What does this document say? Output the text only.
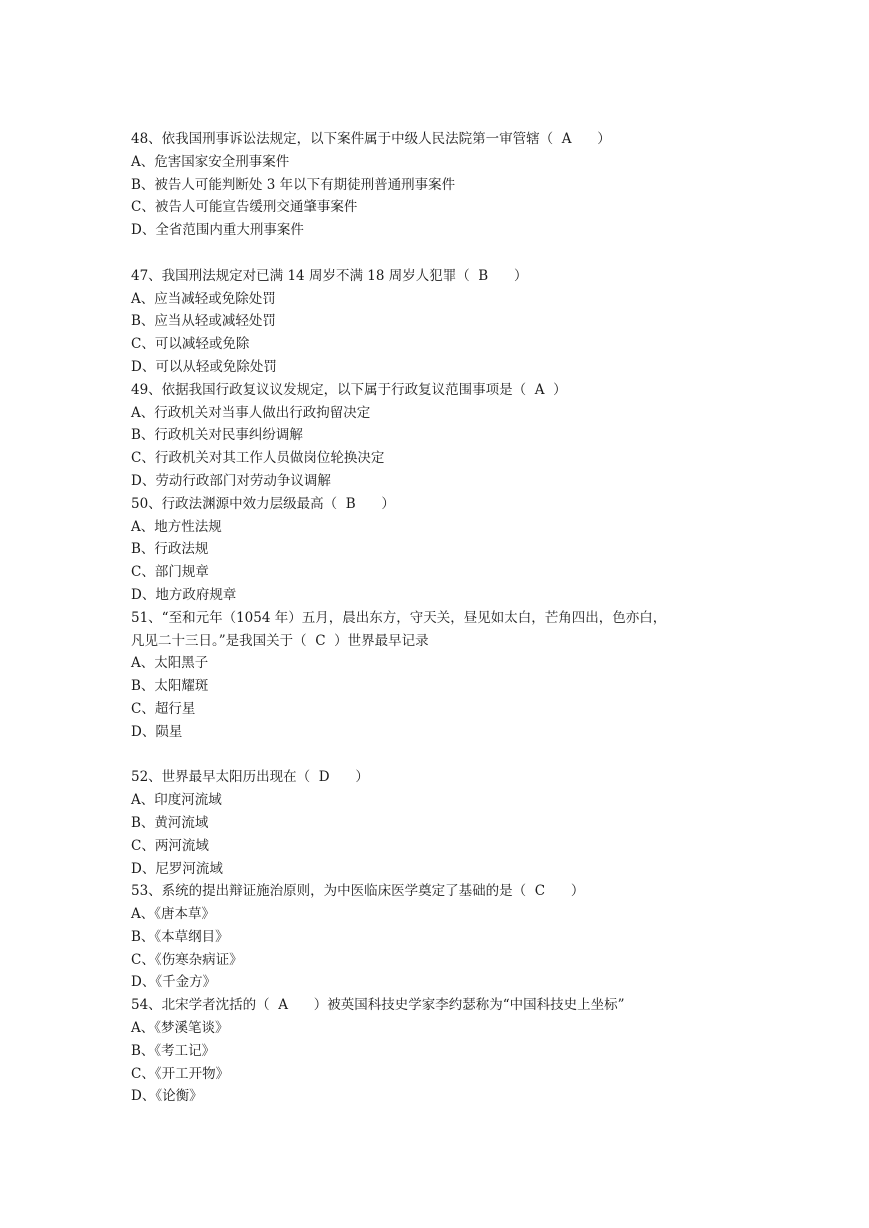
48、依我国刑事诉讼法规定，以下案件属于中级人民法院第一审管辖（  A      ）
A、危害国家安全刑事案件
B、被告人可能判断处 3 年以下有期徒刑普通刑事案件
C、被告人可能宣告缓刑交通肇事案件
D、全省范围内重大刑事案件
47、我国刑法规定对已满 14 周岁不满 18 周岁人犯罪（  B      ）
A、应当减轻或免除处罚
B、应当从轻或减轻处罚
C、可以减轻或免除
D、可以从轻或免除处罚
49、依据我国行政复议议发规定，以下属于行政复议范围事项是（  A  ）
A、行政机关对当事人做出行政拘留决定
B、行政机关对民事纠纷调解
C、行政机关对其工作人员做岗位轮换决定
D、劳动行政部门对劳动争议调解
50、行政法渊源中效力层级最高（  B      ）
A、地方性法规
B、行政法规
C、部门规章
D、地方政府规章
51、“至和元年（1054 年）五月，晨出东方，守天关，昼见如太白，芒角四出，色亦白，
凡见二十三日。”是我国关于（  C  ）世界最早记录
A、太阳黑子
B、太阳耀斑
C、超行星
D、陨星
52、世界最早太阳历出现在（  D      ）
A、印度河流域
B、黄河流域
C、两河流域
D、尼罗河流域
53、系统的提出辩证施治原则，为中医临床医学奠定了基础的是（  C      ）
A、《唐本草》
B、《本草纲目》
C、《伤寒杂病证》
D、《千金方》
54、北宋学者沈括的（  A      ）被英国科技史学家李约瑟称为“中国科技史上坐标”
A、《梦溪笔谈》
B、《考工记》
C、《开工开物》
D、《论衡》
